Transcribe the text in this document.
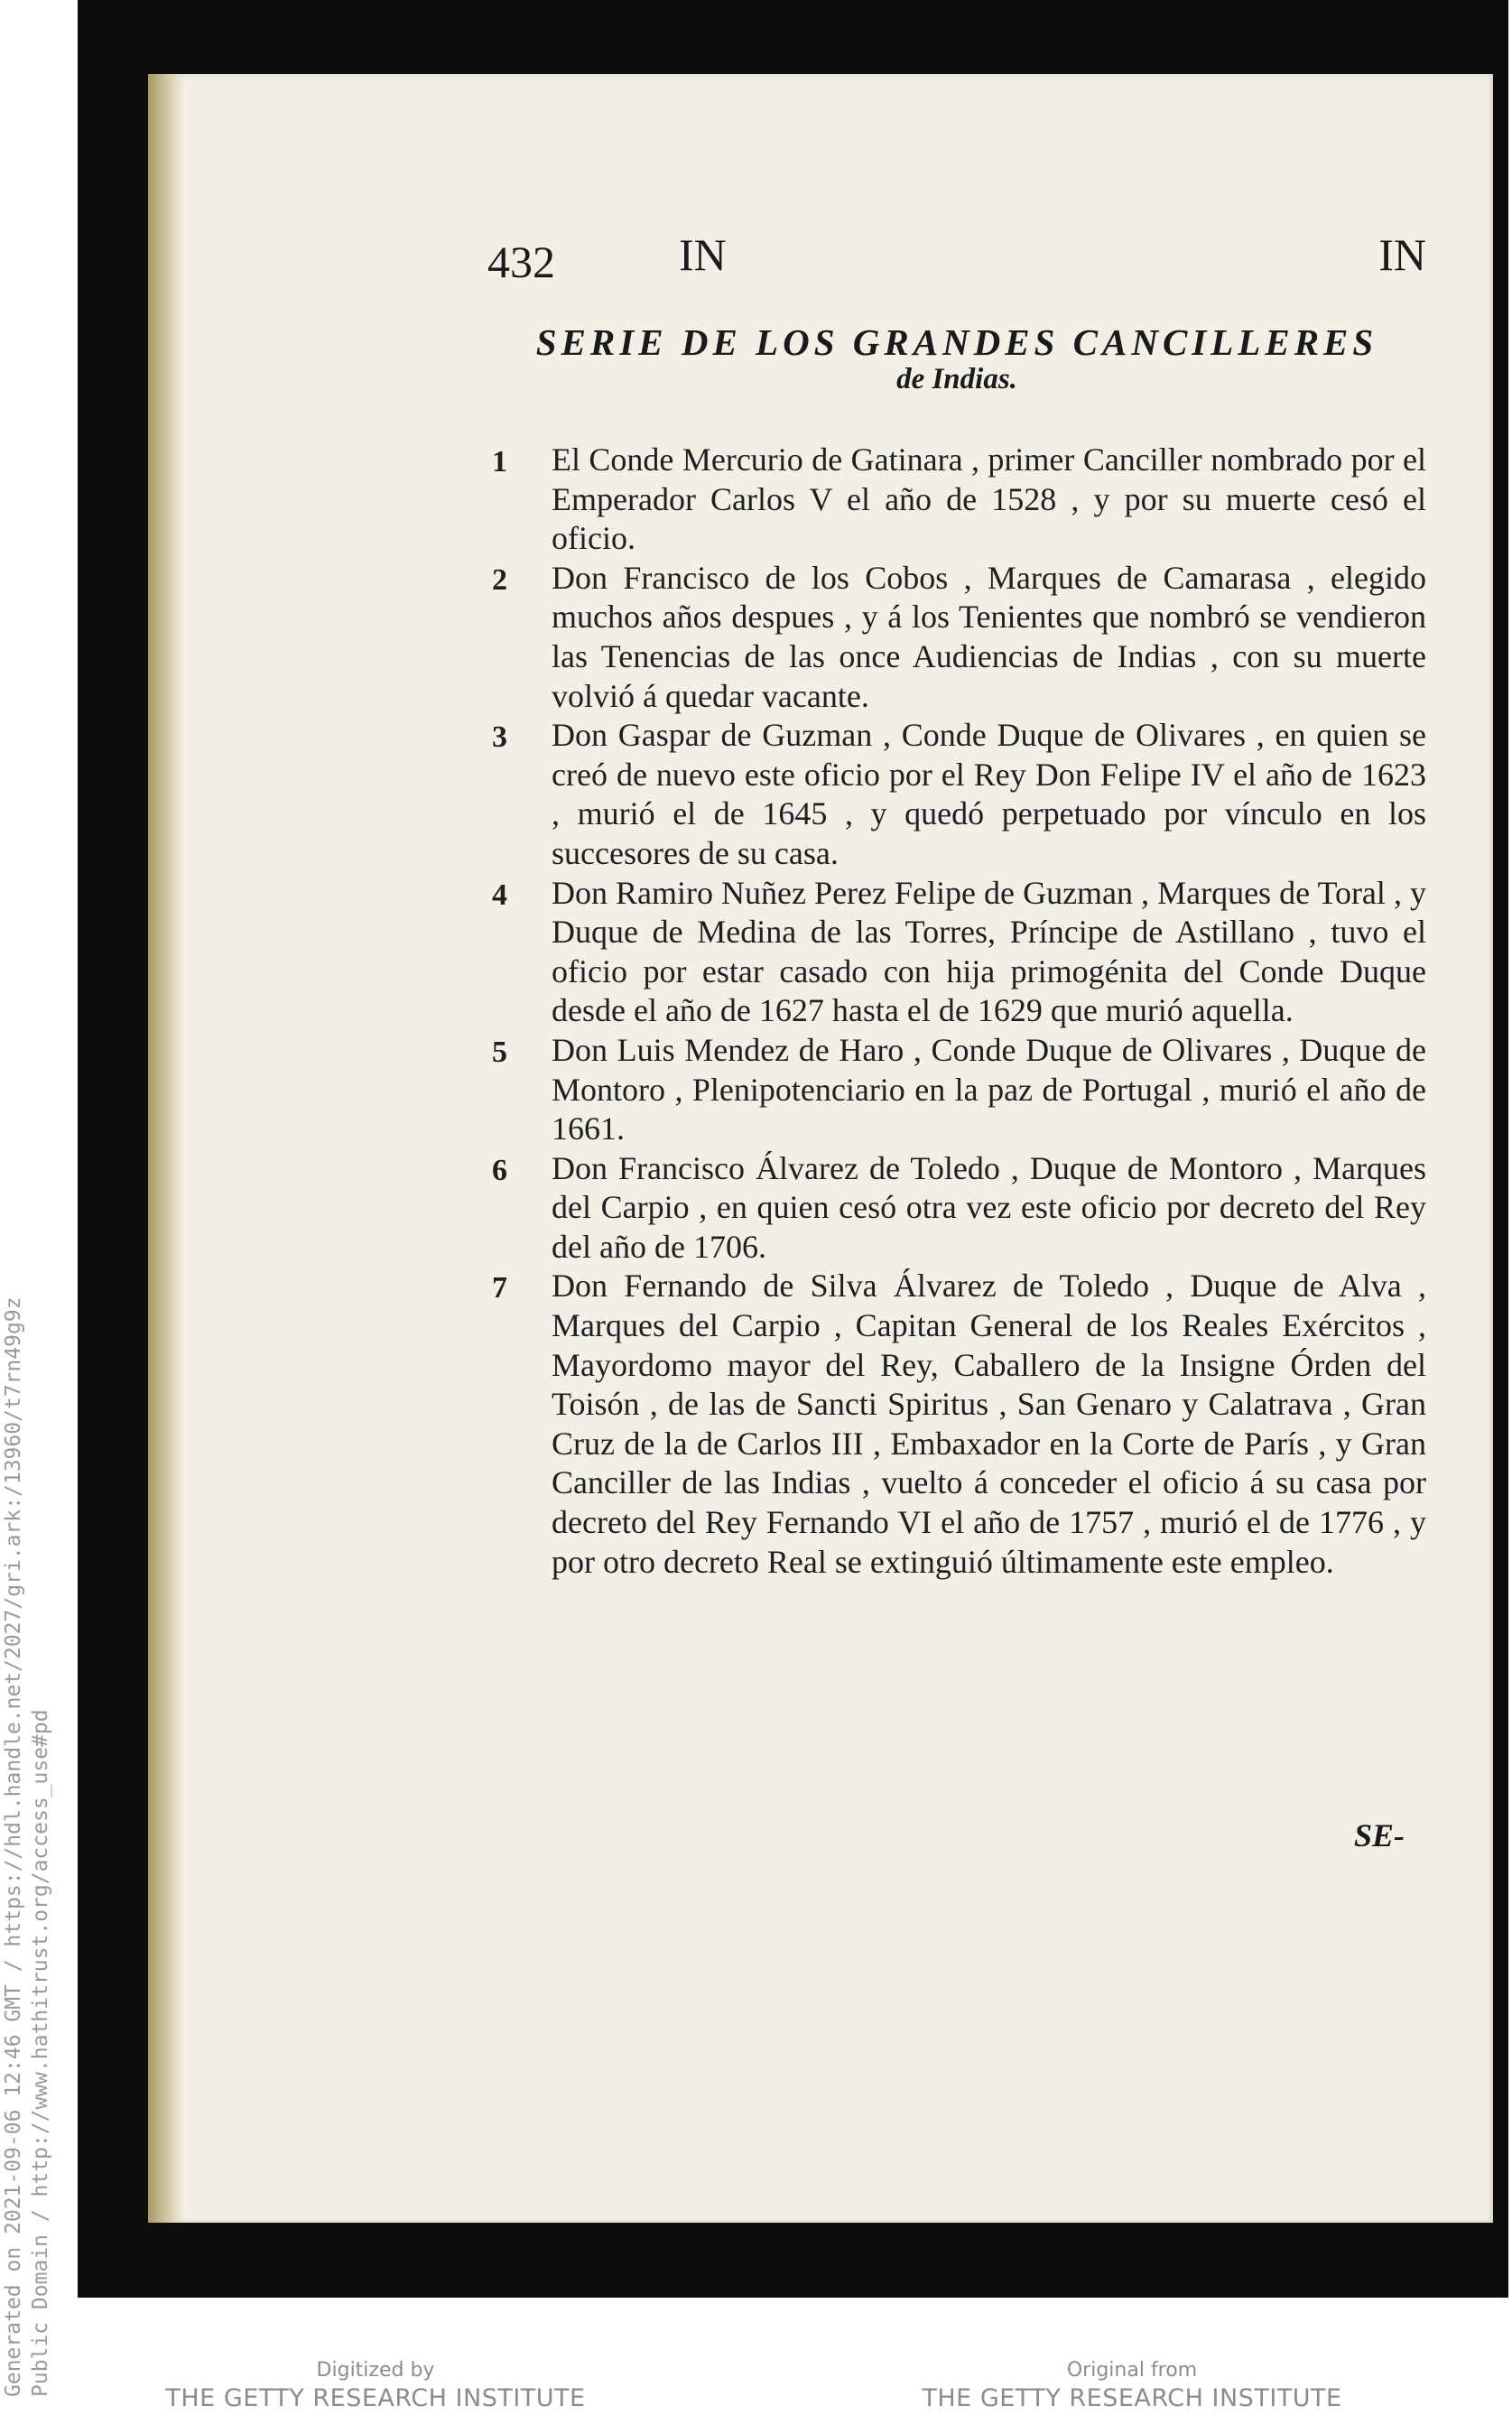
432	IN	IN
SERIE DE LOS GRANDES CANCILLERES
de Indias.
1	El Conde Mercurio de Gatinara , primer Canciller nombrado por el Emperador Carlos V el año de 1528 , y por su muerte cesó el oficio.
2	Don Francisco de los Cobos , Marques de Camarasa , elegido muchos años despues , y á los Tenientes que nombró se vendieron las Tenencias de las once Audiencias de Indias , con su muerte volvió á quedar vacante.
3	Don Gaspar de Guzman , Conde Duque de Olivares , en quien se creó de nuevo este oficio por el Rey Don Felipe IV el año de 1623 , murió el de 1645 , y quedó perpetuado por vínculo en los succesores de su casa.
4	Don Ramiro Nuñez Perez Felipe de Guzman , Marques de Toral , y Duque de Medina de las Torres, Príncipe de Astillano , tuvo el oficio por estar casado con hija primogénita del Conde Duque desde el año de 1627 hasta el de 1629 que murió aquella.
5	Don Luis Mendez de Haro , Conde Duque de Olivares , Duque de Montoro , Plenipotenciario en la paz de Portugal , murió el año de 1661.
6	Don Francisco Álvarez de Toledo , Duque de Montoro , Marques del Carpio , en quien cesó otra vez este oficio por decreto del Rey del año de 1706.
7	Don Fernando de Silva Álvarez de Toledo , Duque de Alva , Marques del Carpio , Capitan General de los Reales Exércitos , Mayordomo mayor del Rey, Caballero de la Insigne Órden del Toisón , de las de Sancti Spiritus , San Genaro y Calatrava , Gran Cruz de la de Carlos III , Embaxador en la Corte de París , y Gran Canciller de las Indias , vuelto á conceder el oficio á su casa por decreto del Rey Fernando VI el año de 1757 , murió el de 1776 , y por otro decreto Real se extinguió últimamente este empleo.
SE-
Generated on 2021-09-06 12:46 GMT / https://hdl.handle.net/2027/gri.ark:/13960/t7rn49g9z Public Domain / http://www.hathitrust.org/access_use#pd	Digitized by
THE GETTY RESEARCH INSTITUTE
Original from
THE GETTY RESEARCH INSTITUTE
